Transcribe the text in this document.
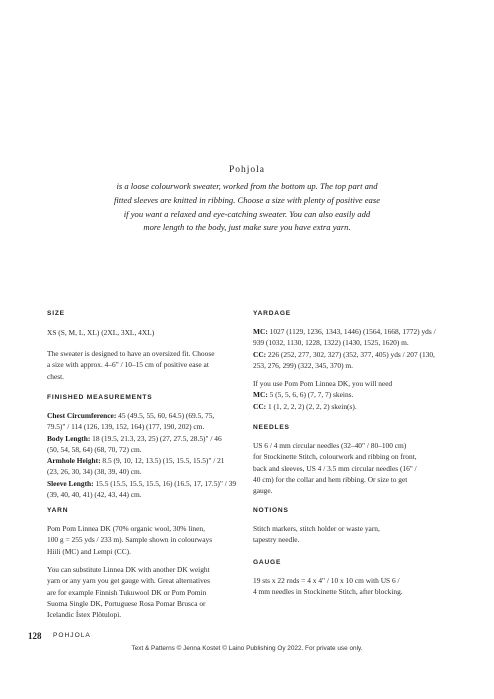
Pohjola
is a loose colourwork sweater, worked from the bottom up. The top part and
fitted sleeves are knitted in ribbing. Choose a size with plenty of positive ease
if you want a relaxed and eye-catching sweater. You can also easily add
more length to the body, just make sure you have extra yarn.
SIZE
XS (S, M, L, XL) (2XL, 3XL, 4XL)
The sweater is designed to have an oversized fit. Choose
a size with approx. 4–6" / 10–15 cm of positive ease at
chest.
FINISHED MEASUREMENTS
Chest Circumference: 45 (49.5, 55, 60, 64.5) (69.5, 75,
79.5)" / 114 (126, 139, 152, 164) (177, 190, 202) cm.
Body Length: 18 (19.5, 21.3, 23, 25) (27, 27.5, 28.5)" / 46
(50, 54, 58, 64) (68, 70, 72) cm.
Armhole Height: 8.5 (9, 10, 12, 13.5) (15, 15.5, 15.5)" / 21
(23, 26, 30, 34) (38, 39, 40) cm.
Sleeve Length: 15.5 (15.5, 15.5, 15.5, 16) (16.5, 17, 17.5)" / 39
(39, 40, 40, 41) (42, 43, 44) cm.
YARN
Pom Pom Linnea DK (70% organic wool, 30% linen,
100 g = 255 yds / 233 m). Sample shown in colourways
Hiili (MC) and Lempi (CC).
You can substitute Linnea DK with another DK weight
yarn or any yarn you get gauge with. Great alternatives
are for example Finnish Tukuwool DK or Pom Pomin
Suoma Single DK, Portuguese Rosa Pomar Brusca or
Icelandic Ístex Plötulopi.
YARDAGE
MC: 1027 (1129, 1236, 1343, 1446) (1564, 1668, 1772) yds /
939 (1032, 1130, 1228, 1322) (1430, 1525, 1620) m.
CC: 226 (252, 277, 302, 327) (352, 377, 405) yds / 207 (130,
253, 276, 299) (322, 345, 370) m.
If you use Pom Pom Linnea DK, you will need
MC: 5 (5, 5, 6, 6) (7, 7, 7) skeins.
CC: 1 (1, 2, 2, 2) (2, 2, 2) skein(s).
NEEDLES
US 6 / 4 mm circular needles (32–40" / 80–100 cm)
for Stockinette Stitch, colourwork and ribbing on front,
back and sleeves, US 4 / 3.5 mm circular needles (16" /
40 cm) for the collar and hem ribbing. Or size to get
gauge.
NOTIONS
Stitch markers, stitch holder or waste yarn,
tapestry needle.
GAUGE
19 sts x 22 rnds = 4 x 4" / 10 x 10 cm with US 6 /
4 mm needles in Stockinette Stitch, after blocking.
128 POHJOLA
Text & Patterns © Jenna Kostet © Laino Publishing Oy 2022. For private use only.
